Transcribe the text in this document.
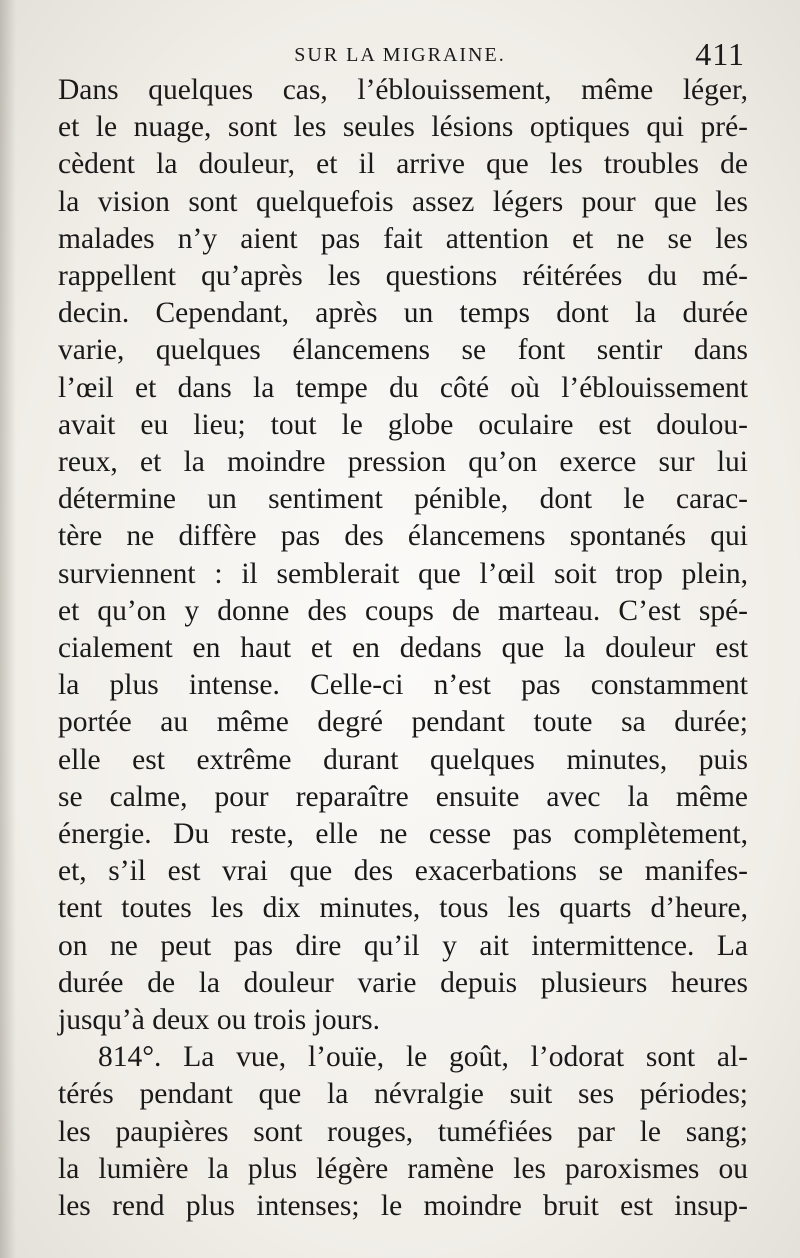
SUR LA MIGRAINE.	411
Dans quelques cas, l’éblouissement, même léger,
et le nuage, sont les seules lésions optiques qui pré-
cèdent la douleur, et il arrive que les troubles de
la vision sont quelquefois assez légers pour que les
malades n’y aient pas fait attention et ne se les
rappellent qu’après les questions réitérées du mé-
decin. Cependant, après un temps dont la durée
varie, quelques élancemens se font sentir dans
l’œil et dans la tempe du côté où l’éblouissement
avait eu lieu; tout le globe oculaire est doulou-
reux, et la moindre pression qu’on exerce sur lui
détermine un sentiment pénible, dont le carac-
tère ne diffère pas des élancemens spontanés qui
surviennent : il semblerait que l’œil soit trop plein,
et qu’on y donne des coups de marteau. C’est spé-
cialement en haut et en dedans que la douleur est
la plus intense. Celle-ci n’est pas constamment
portée au même degré pendant toute sa durée;
elle est extrême durant quelques minutes, puis
se calme, pour reparaître ensuite avec la même
énergie. Du reste, elle ne cesse pas complètement,
et, s’il est vrai que des exacerbations se manifes-
tent toutes les dix minutes, tous les quarts d’heure,
on ne peut pas dire qu’il y ait intermittence. La
durée de la douleur varie depuis plusieurs heures
jusqu’à deux ou trois jours.
814°. La vue, l’ouïe, le goût, l’odorat sont al-
térés pendant que la névralgie suit ses périodes;
les paupières sont rouges, tuméfiées par le sang;
la lumière la plus légère ramène les paroxismes ou
les rend plus intenses; le moindre bruit est insup-
